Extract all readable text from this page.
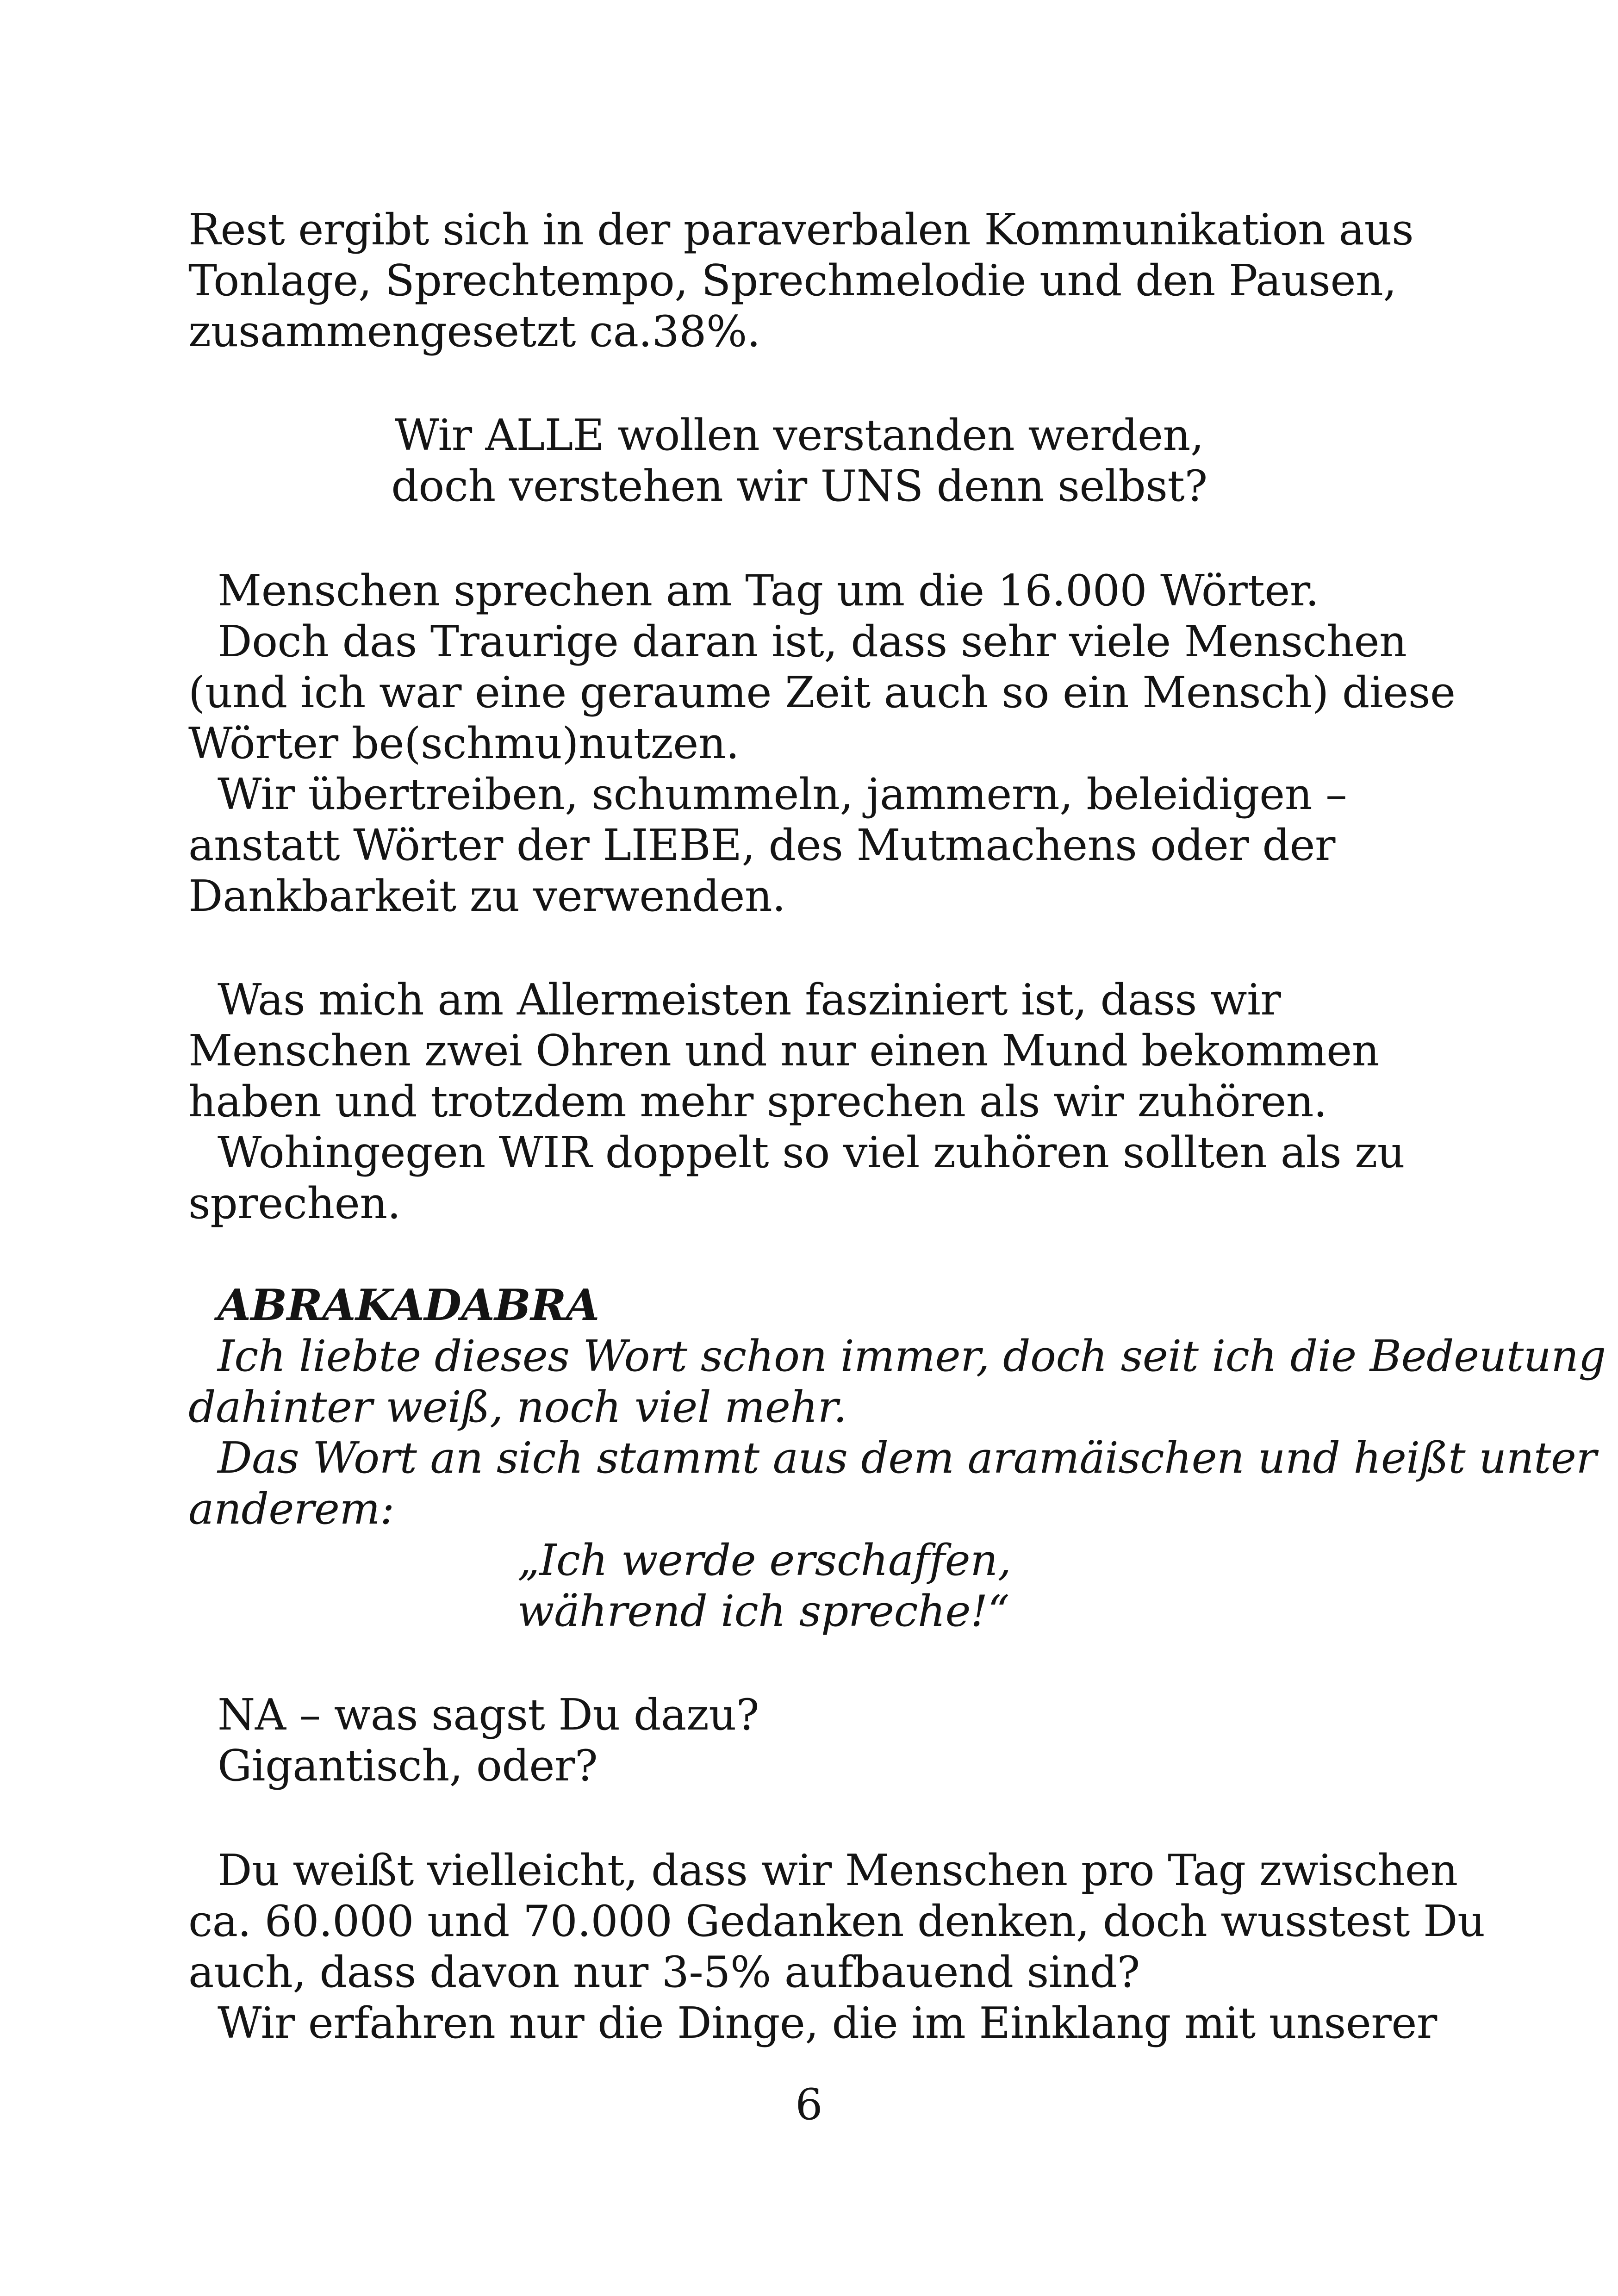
Rest ergibt sich in der paraverbalen Kommunikation aus

Tonlage, Sprechtempo, Sprechmelodie und den Pausen,

zusammengesetzt ca.38%.

Wir ALLE wollen verstanden werden,

doch verstehen wir UNS denn selbst?

Menschen sprechen am Tag um die 16.000 Wörter.

Doch das Traurige daran ist, dass sehr viele Menschen

(und ich war eine geraume Zeit auch so ein Mensch) diese

Wörter be(schmu)nutzen.

Wir übertreiben, schummeln, jammern, beleidigen –

anstatt Wörter der LIEBE, des Mutmachens oder der

Dankbarkeit zu verwenden.

Was mich am Allermeisten fasziniert ist, dass wir

Menschen zwei Ohren und nur einen Mund bekommen

haben und trotzdem mehr sprechen als wir zuhören.

Wohingegen WIR doppelt so viel zuhören sollten als zu

sprechen.

ABRAKADABRA

Ich liebte dieses Wort schon immer, doch seit ich die Bedeutung

dahinter weiß, noch viel mehr.

Das Wort an sich stammt aus dem aramäischen und heißt unter

anderem:

„Ich werde erschaffen,

während ich spreche!“

NA – was sagst Du dazu?

Gigantisch, oder?

Du weißt vielleicht, dass wir Menschen pro Tag zwischen

ca. 60.000 und 70.000 Gedanken denken, doch wusstest Du

auch, dass davon nur 3-5% aufbauend sind?

Wir erfahren nur die Dinge, die im Einklang mit unserer

6
